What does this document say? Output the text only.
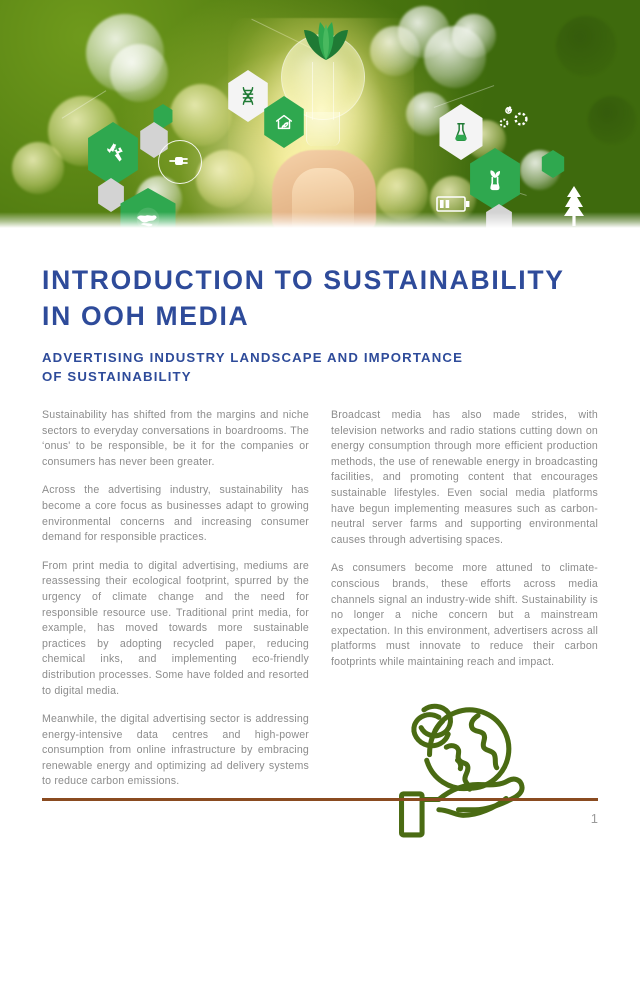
INTRODUCTION TO SUSTAINABILITY IN OOH MEDIA
ADVERTISING INDUSTRY LANDSCAPE AND IMPORTANCE OF SUSTAINABILITY

Sustainability has shifted from the margins and niche sectors to everyday conversations in boardrooms. The ‘onus' to be responsible, be it for the companies or consumers has never been greater.

Across the advertising industry, sustainability has become a core focus as businesses adapt to growing environmental concerns and increasing consumer demand for responsible practices.

From print media to digital advertising, mediums are reassessing their ecological footprint, spurred by the urgency of climate change and the need for responsible resource use. Traditional print media, for example, has moved towards more sustainable practices by adopting recycled paper, reducing chemical inks, and implementing eco-friendly distribution processes. Some have folded and resorted to digital media.

Meanwhile, the digital advertising sector is addressing energy-intensive data centres and high-power consumption from online infrastructure by embracing renewable energy and optimizing ad delivery systems to reduce carbon emissions.

Broadcast media has also made strides, with television networks and radio stations cutting down on energy consumption through more efficient production methods, the use of renewable energy in broadcasting facilities, and promoting content that encourages sustainable lifestyles. Even social media platforms have begun implementing measures such as carbon-neutral server farms and supporting environmental causes through advertising spaces.

As consumers become more attuned to climate-conscious brands, these efforts across media channels signal an industry-wide shift. Sustainability is no longer a niche concern but a mainstream expectation. In this environment, advertisers across all platforms must innovate to reduce their carbon footprints while maintaining reach and impact.

1
